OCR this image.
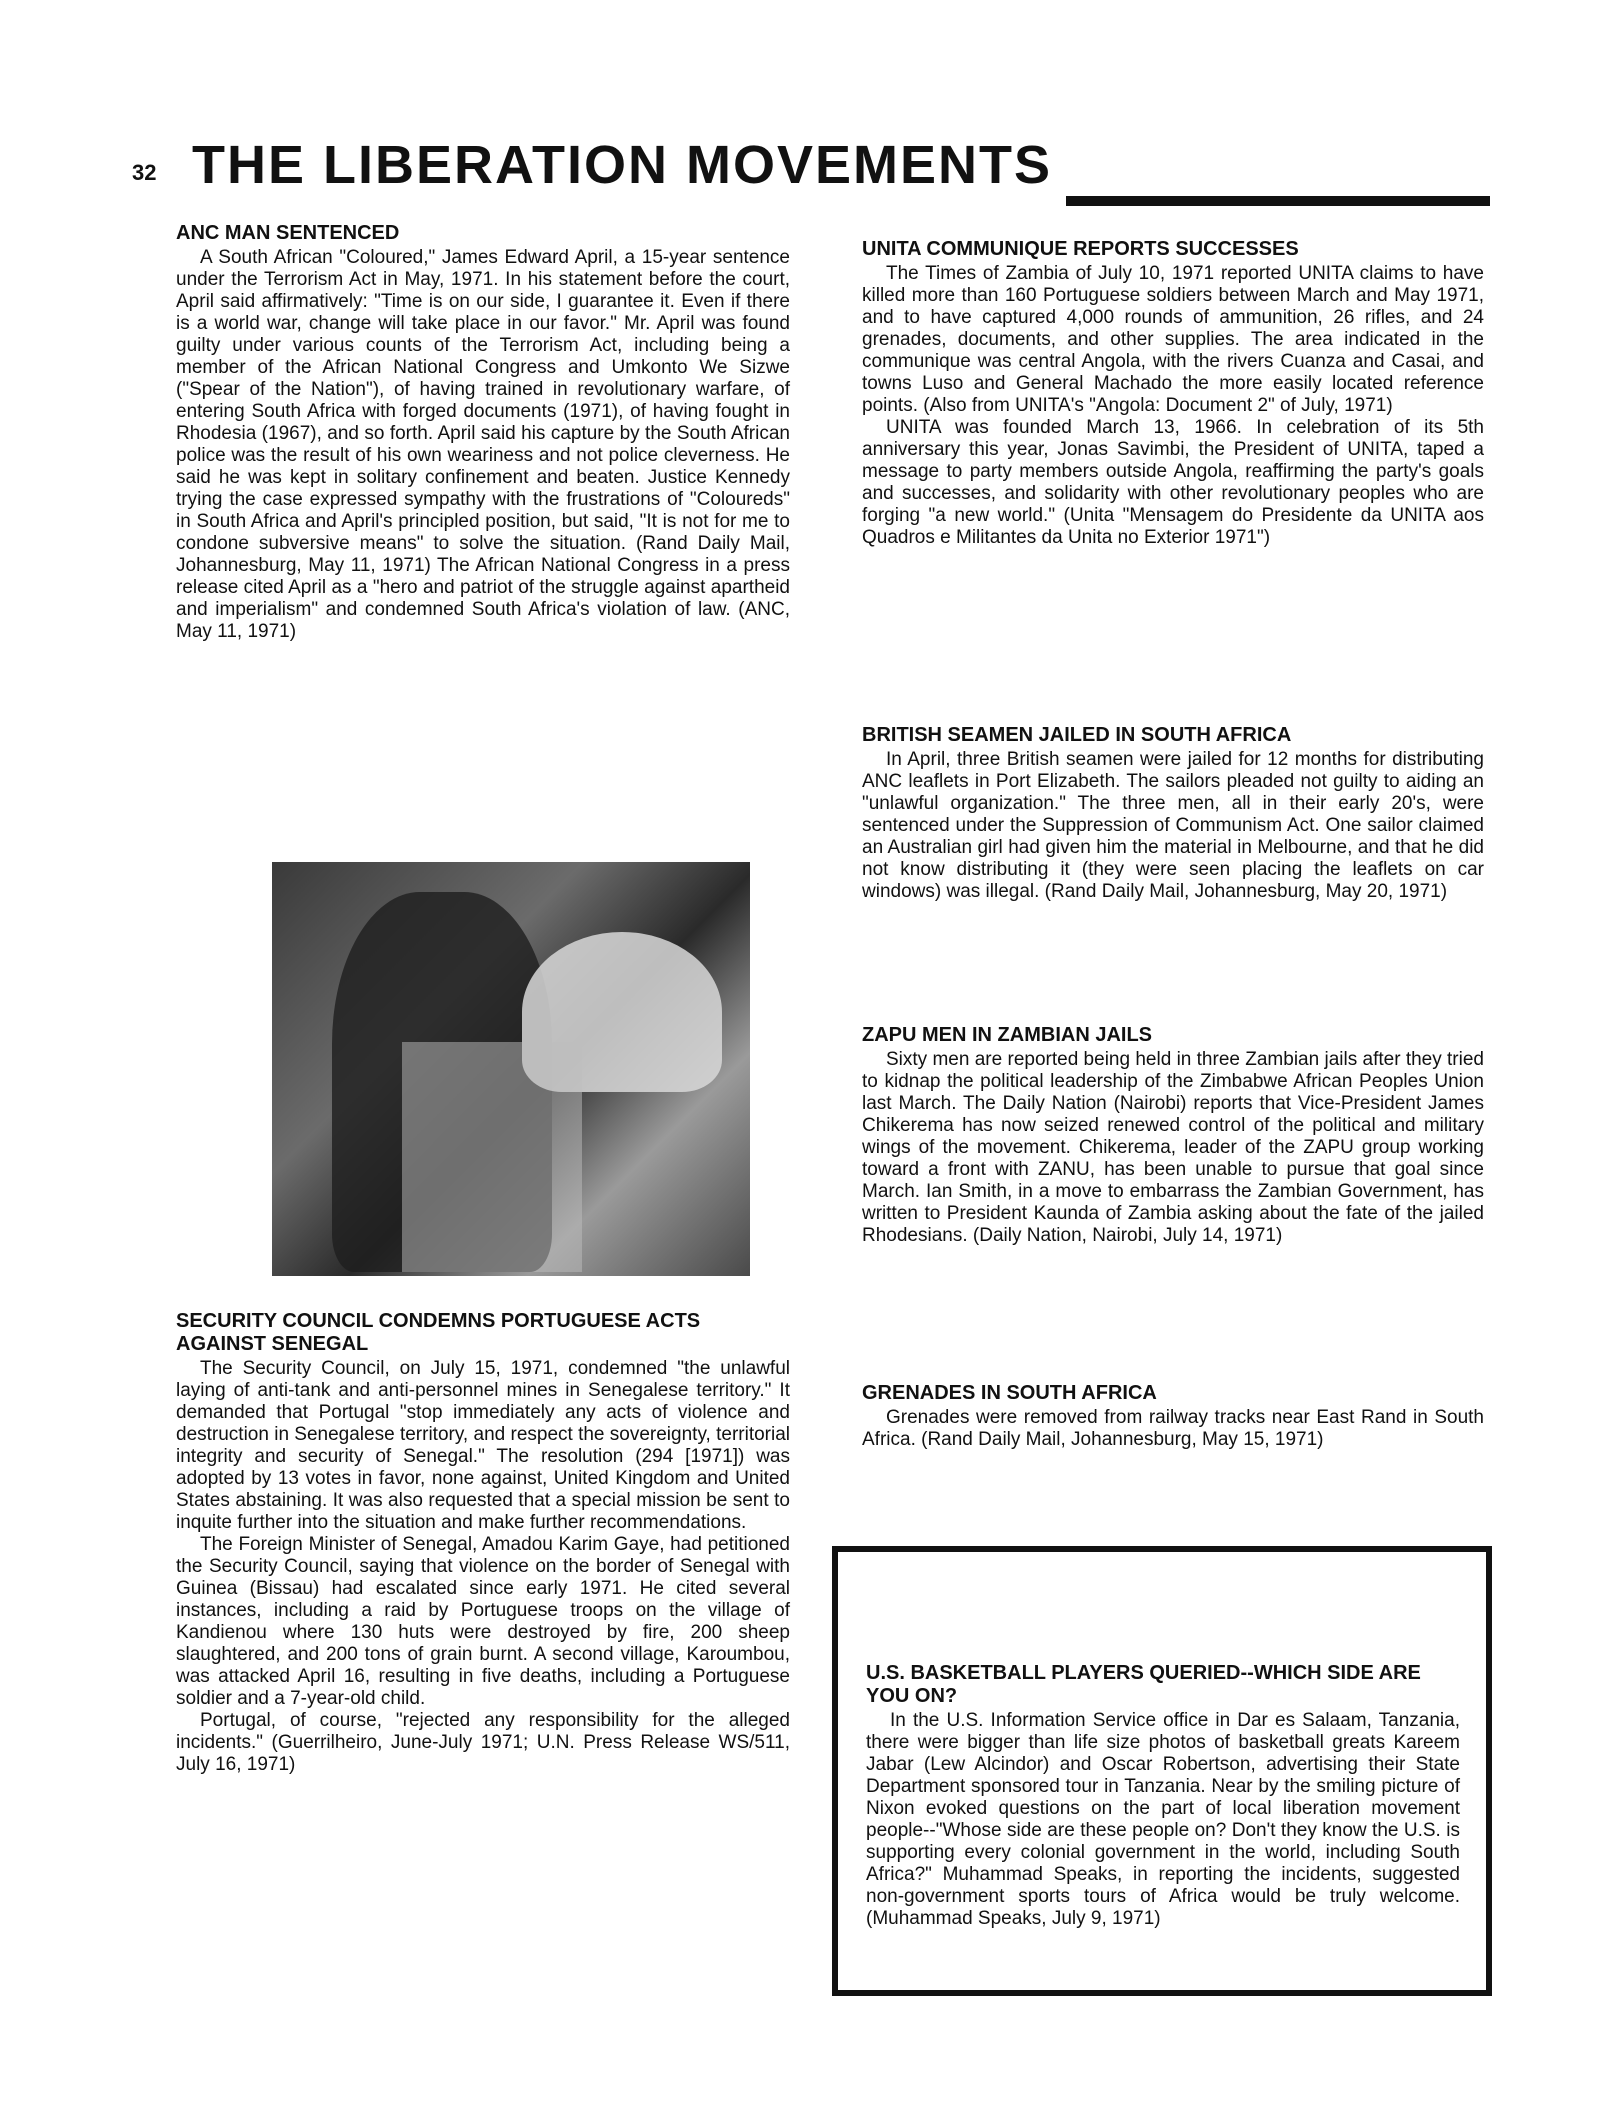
32 THE LIBERATION MOVEMENTS
ANC MAN SENTENCED

A South African "Coloured," James Edward April, a 15-year sentence under the Terrorism Act in May, 1971. In his statement before the court, April said affirmatively: "Time is on our side, I guarantee it. Even if there is a world war, change will take place in our favor." Mr. April was found guilty under various counts of the Terrorism Act, including being a member of the African National Congress and Umkonto We Sizwe ("Spear of the Nation"), of having trained in revolutionary warfare, of entering South Africa with forged documents (1971), of having fought in Rhodesia (1967), and so forth. April said his capture by the South African police was the result of his own weariness and not police cleverness. He said he was kept in solitary confinement and beaten. Justice Kennedy trying the case expressed sympathy with the frustrations of "Coloureds" in South Africa and April's principled position, but said, "It is not for me to condone subversive means" to solve the situation. (Rand Daily Mail, Johannesburg, May 11, 1971) The African National Congress in a press release cited April as a "hero and patriot of the struggle against apartheid and imperialism" and condemned South Africa's violation of law. (ANC, May 11, 1971)

SECURITY COUNCIL CONDEMNS PORTUGUESE ACTS AGAINST SENEGAL

The Security Council, on July 15, 1971, condemned "the unlawful laying of anti-tank and anti-personnel mines in Senegalese territory." It demanded that Portugal "stop immediately any acts of violence and destruction in Senegalese territory, and respect the sovereignty, territorial integrity and security of Senegal." The resolution (294 [1971]) was adopted by 13 votes in favor, none against, United Kingdom and United States abstaining. It was also requested that a special mission be sent to inquite further into the situation and make further recommendations.

The Foreign Minister of Senegal, Amadou Karim Gaye, had petitioned the Security Council, saying that violence on the border of Senegal with Guinea (Bissau) had escalated since early 1971. He cited several instances, including a raid by Portuguese troops on the village of Kandienou where 130 huts were destroyed by fire, 200 sheep slaughtered, and 200 tons of grain burnt. A second village, Karoumbou, was attacked April 16, resulting in five deaths, including a Portuguese soldier and a 7-year-old child.

Portugal, of course, "rejected any responsibility for the alleged incidents." (Guerrilheiro, June-July 1971; U.N. Press Release WS/511, July 16, 1971)

UNITA COMMUNIQUE REPORTS SUCCESSES

The Times of Zambia of July 10, 1971 reported UNITA claims to have killed more than 160 Portuguese soldiers between March and May 1971, and to have captured 4,000 rounds of ammunition, 26 rifles, and 24 grenades, documents, and other supplies. The area indicated in the communique was central Angola, with the rivers Cuanza and Casai, and towns Luso and General Machado the more easily located reference points. (Also from UNITA's "Angola: Document 2" of July, 1971)

UNITA was founded March 13, 1966. In celebration of its 5th anniversary this year, Jonas Savimbi, the President of UNITA, taped a message to party members outside Angola, reaffirming the party's goals and successes, and solidarity with other revolutionary peoples who are forging "a new world." (Unita "Mensagem do Presidente da UNITA aos Quadros e Militantes da Unita no Exterior 1971")

BRITISH SEAMEN JAILED IN SOUTH AFRICA

In April, three British seamen were jailed for 12 months for distributing ANC leaflets in Port Elizabeth. The sailors pleaded not guilty to aiding an "unlawful organization." The three men, all in their early 20's, were sentenced under the Suppression of Communism Act. One sailor claimed an Australian girl had given him the material in Melbourne, and that he did not know distributing it (they were seen placing the leaflets on car windows) was illegal. (Rand Daily Mail, Johannesburg, May 20, 1971)

ZAPU MEN IN ZAMBIAN JAILS

Sixty men are reported being held in three Zambian jails after they tried to kidnap the political leadership of the Zimbabwe African Peoples Union last March. The Daily Nation (Nairobi) reports that Vice-President James Chikerema has now seized renewed control of the political and military wings of the movement. Chikerema, leader of the ZAPU group working toward a front with ZANU, has been unable to pursue that goal since March. Ian Smith, in a move to embarrass the Zambian Government, has written to President Kaunda of Zambia asking about the fate of the jailed Rhodesians. (Daily Nation, Nairobi, July 14, 1971)

GRENADES IN SOUTH AFRICA

Grenades were removed from railway tracks near East Rand in South Africa. (Rand Daily Mail, Johannesburg, May 15, 1971)

U.S. BASKETBALL PLAYERS QUERIED--WHICH SIDE ARE YOU ON?

In the U.S. Information Service office in Dar es Salaam, Tanzania, there were bigger than life size photos of basketball greats Kareem Jabar (Lew Alcindor) and Oscar Robertson, advertising their State Department sponsored tour in Tanzania. Near by the smiling picture of Nixon evoked questions on the part of local liberation movement people--"Whose side are these people on? Don't they know the U.S. is supporting every colonial government in the world, including South Africa?" Muhammad Speaks, in reporting the incidents, suggested non-government sports tours of Africa would be truly welcome. (Muhammad Speaks, July 9, 1971)
